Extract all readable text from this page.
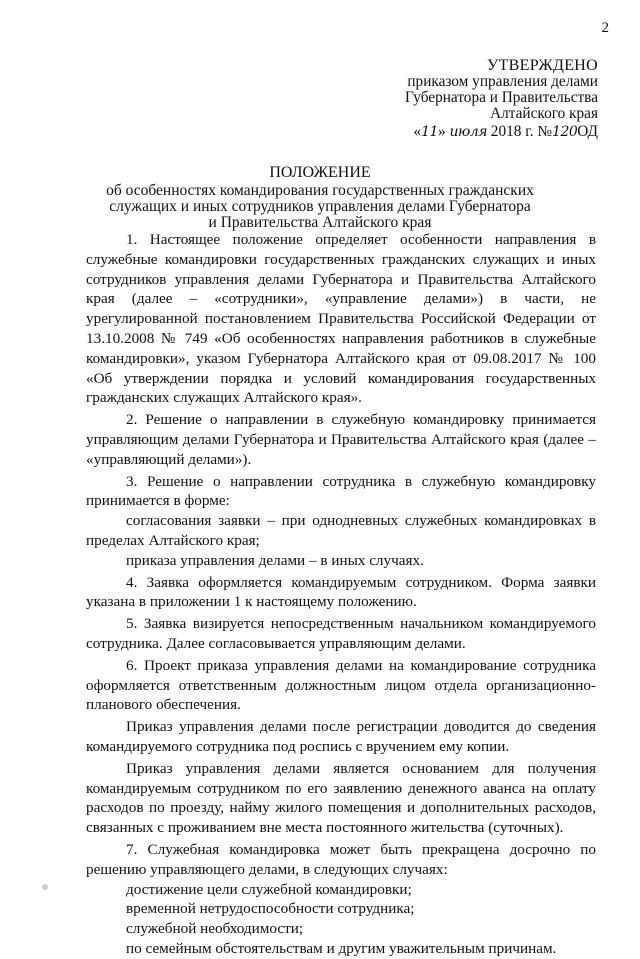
2
УТВЕРЖДЕНО
приказом управления делами
Губернатора и Правительства
Алтайского края
«11» июля 2018 г. №120ОД
ПОЛОЖЕНИЕ
об особенностях командирования государственных гражданских
служащих и иных сотрудников управления делами Губернатора
и Правительства Алтайского края

1. Настоящее положение определяет особенности направления в служебные командировки государственных гражданских служащих и иных сотрудников управления делами Губернатора и Правительства Алтайского края (далее – «сотрудники», «управление делами») в части, не урегулированной постановлением Правительства Российской Федерации от 13.10.2008 № 749 «Об особенностях направления работников в служебные командировки», указом Губернатора Алтайского края от 09.08.2017 № 100 «Об утверждении порядка и условий командирования государственных гражданских служащих Алтайского края».

2. Решение о направлении в служебную командировку принимается управляющим делами Губернатора и Правительства Алтайского края (далее – «управляющий делами»).

3. Решение о направлении сотрудника в служебную командировку принимается в форме:

согласования заявки – при однодневных служебных командировках в пределах Алтайского края;

приказа управления делами – в иных случаях.

4. Заявка оформляется командируемым сотрудником. Форма заявки указана в приложении 1 к настоящему положению.

5. Заявка визируется непосредственным начальником командируемого сотрудника. Далее согласовывается управляющим делами.

6. Проект приказа управления делами на командирование сотрудника оформляется ответственным должностным лицом отдела организационно-планового обеспечения.

Приказ управления делами после регистрации доводится до сведения командируемого сотрудника под роспись с вручением ему копии.

Приказ управления делами является основанием для получения командируемым сотрудником по его заявлению денежного аванса на оплату расходов по проезду, найму жилого помещения и дополнительных расходов, связанных с проживанием вне места постоянного жительства (суточных).

7. Служебная командировка может быть прекращена досрочно по решению управляющего делами, в следующих случаях:

достижение цели служебной командировки;

временной нетрудоспособности сотрудника;

служебной необходимости;

по семейным обстоятельствам и другим уважительным причинам.
